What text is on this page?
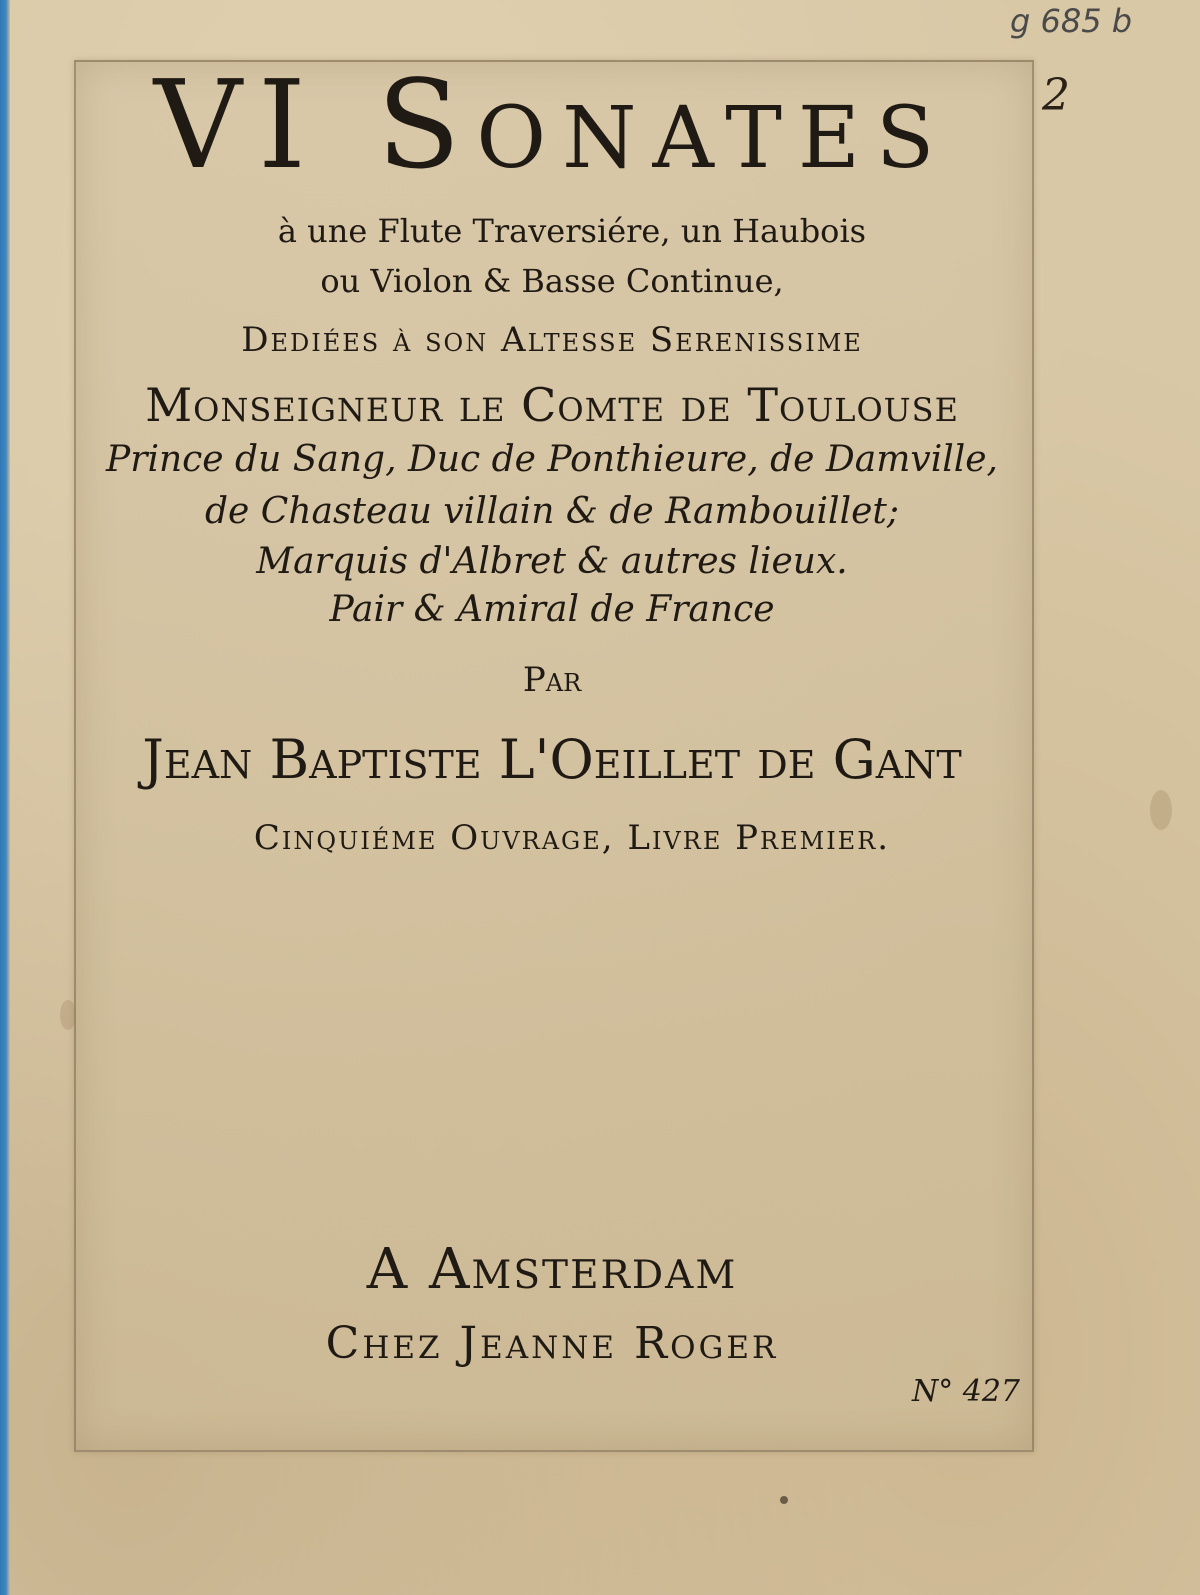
g 685 b
2
VI Sonates
à une Flute Traversiére, un Haubois
ou Violon & Basse Continue,
Dediées à son Altesse Serenissime
Monseigneur le Comte de Toulouse
Prince du Sang, Duc de Ponthieure, de Damville,
de Chasteau villain & de Rambouillet;
Marquis d'Albret & autres lieux.
Pair & Amiral de France
Par
Jean Baptiste L'Oeillet de Gant
Cinquiéme Ouvrage, Livre Premier.
A Amsterdam
Chez Jeanne Roger
N° 427
